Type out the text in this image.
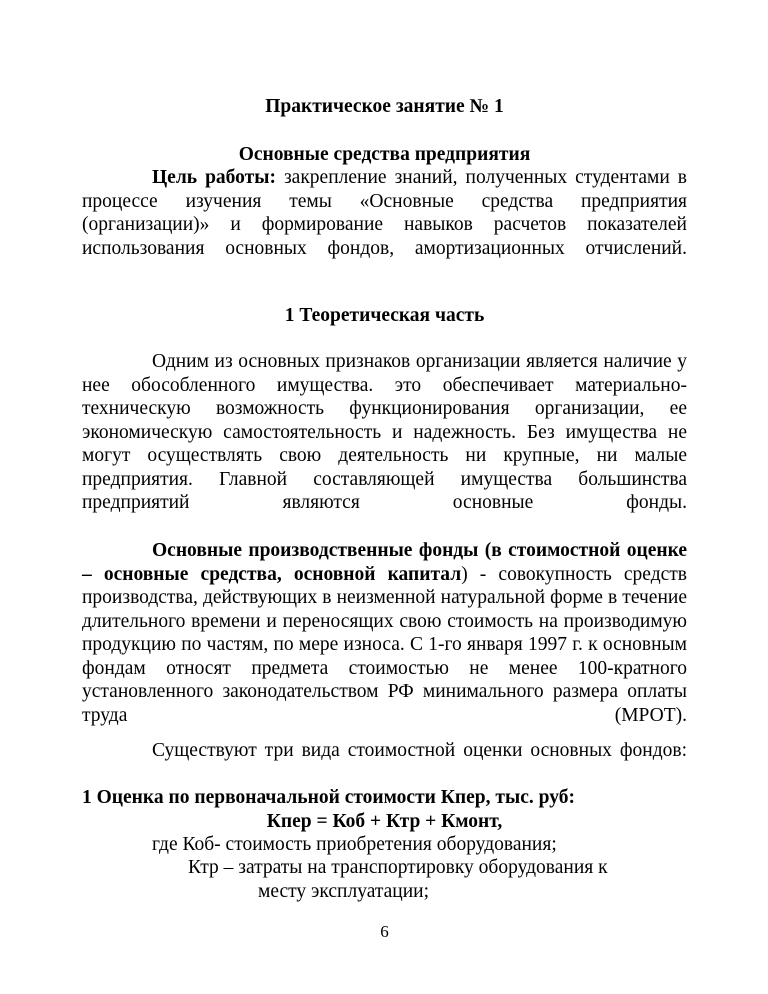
Практическое занятие № 1
Основные средства предприятия
Цель работы: закрепление знаний, полученных студентами в процессе изучения темы «Основные средства предприятия (организации)» и формирование навыков расчетов показателей использования основных фондов, амортизационных отчислений.
1 Теоретическая часть
Одним из основных признаков организации является наличие у нее обособленного имущества. это обеспечивает материально-техническую возможность функционирования организации, ее экономическую самостоятельность и надежность. Без имущества не могут осуществлять свою деятельность ни крупные, ни малые предприятия. Главной составляющей имущества большинства предприятий являются основные фонды.
Основные производственные фонды (в стоимостной оценке – основные средства, основной капитал) - совокупность средств производства, действующих в неизменной натуральной форме в течение длительного времени и переносящих свою стоимость на производимую продукцию по частям, по мере износа. С 1-го января 1997 г. к основным фондам относят предмета стоимостью не менее 100-кратного установленного законодательством РФ минимального размера оплаты труда (МРОТ).
Существуют три вида стоимостной оценки основных фондов:
1 Оценка по первоначальной стоимости Кпер, тыс. руб:
Кпер = Коб + Ктр + Кмонт,
где Коб- стоимость приобретения оборудования;
Ктр – затраты на транспортировку оборудования к
месту эксплуатации;
6
